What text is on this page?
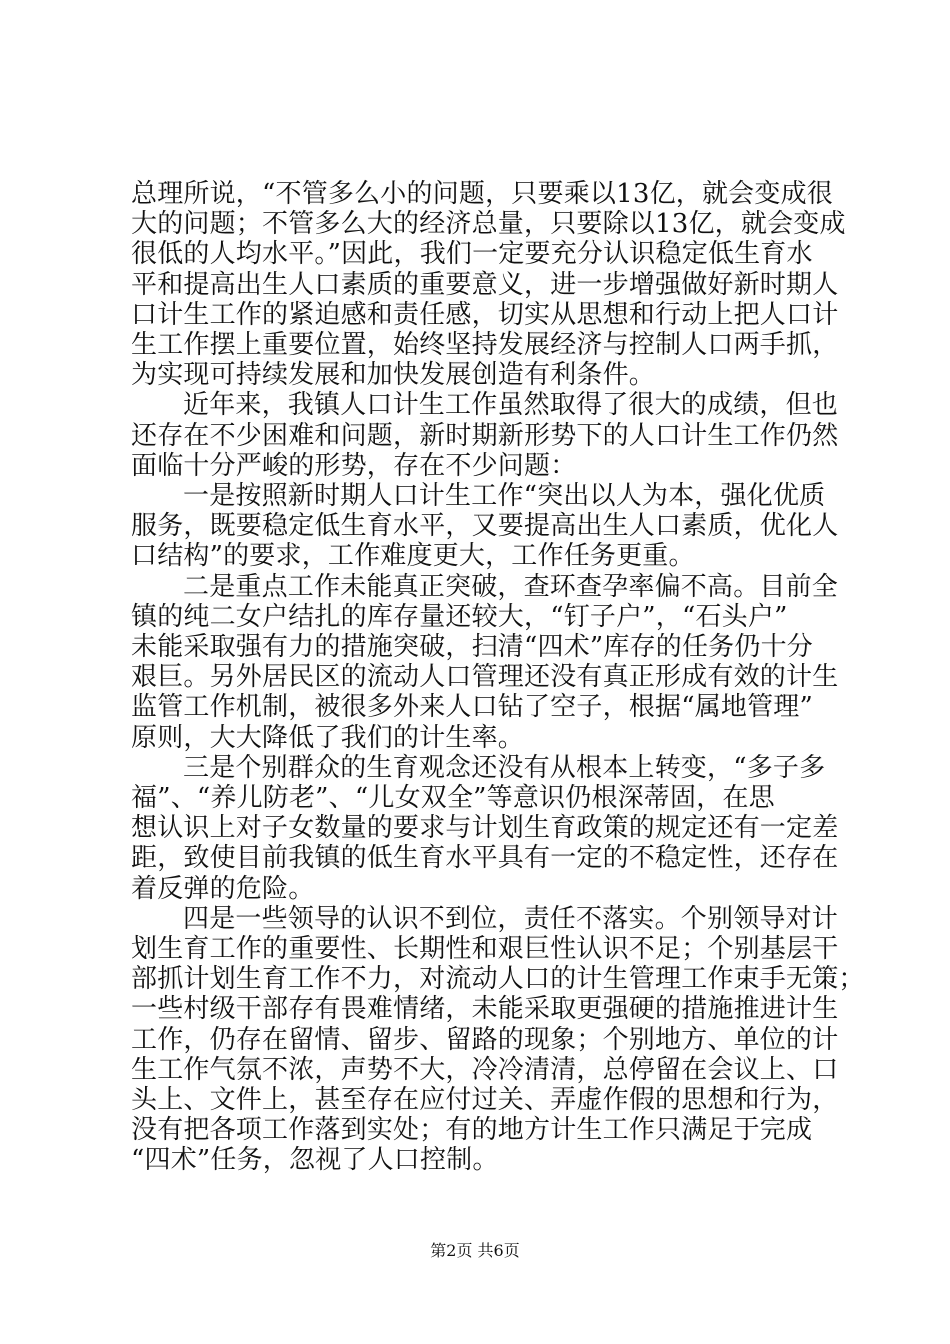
总理所说，“不管多么小的问题，只要乘以13亿，就会变成很
大的问题；不管多么大的经济总量，只要除以13亿，就会变成
很低的人均水平。”因此，我们一定要充分认识稳定低生育水
平和提高出生人口素质的重要意义，进一步增强做好新时期人
口计生工作的紧迫感和责任感，切实从思想和行动上把人口计
生工作摆上重要位置，始终坚持发展经济与控制人口两手抓，
为实现可持续发展和加快发展创造有利条件。
近年来，我镇人口计生工作虽然取得了很大的成绩，但也
还存在不少困难和问题，新时期新形势下的人口计生工作仍然
面临十分严峻的形势，存在不少问题：
一是按照新时期人口计生工作“突出以人为本，强化优质
服务，既要稳定低生育水平，又要提高出生人口素质，优化人
口结构”的要求，工作难度更大，工作任务更重。
二是重点工作未能真正突破，查环查孕率偏不高。目前全
镇的纯二女户结扎的库存量还较大，“钉子户”，“石头户”
未能采取强有力的措施突破，扫清“四术”库存的任务仍十分
艰巨。另外居民区的流动人口管理还没有真正形成有效的计生
监管工作机制，被很多外来人口钻了空子，根据“属地管理”
原则，大大降低了我们的计生率。
三是个别群众的生育观念还没有从根本上转变，“多子多
福”、“养儿防老”、“儿女双全”等意识仍根深蒂固，在思
想认识上对子女数量的要求与计划生育政策的规定还有一定差
距，致使目前我镇的低生育水平具有一定的不稳定性，还存在
着反弹的危险。
四是一些领导的认识不到位，责任不落实。个别领导对计
划生育工作的重要性、长期性和艰巨性认识不足；个别基层干
部抓计划生育工作不力，对流动人口的计生管理工作束手无策；
一些村级干部存有畏难情绪，未能采取更强硬的措施推进计生
工作，仍存在留情、留步、留路的现象；个别地方、单位的计
生工作气氛不浓，声势不大，冷冷清清，总停留在会议上、口
头上、文件上，甚至存在应付过关、弄虚作假的思想和行为，
没有把各项工作落到实处；有的地方计生工作只满足于完成
“四术”任务，忽视了人口控制。
第2页 共6页
